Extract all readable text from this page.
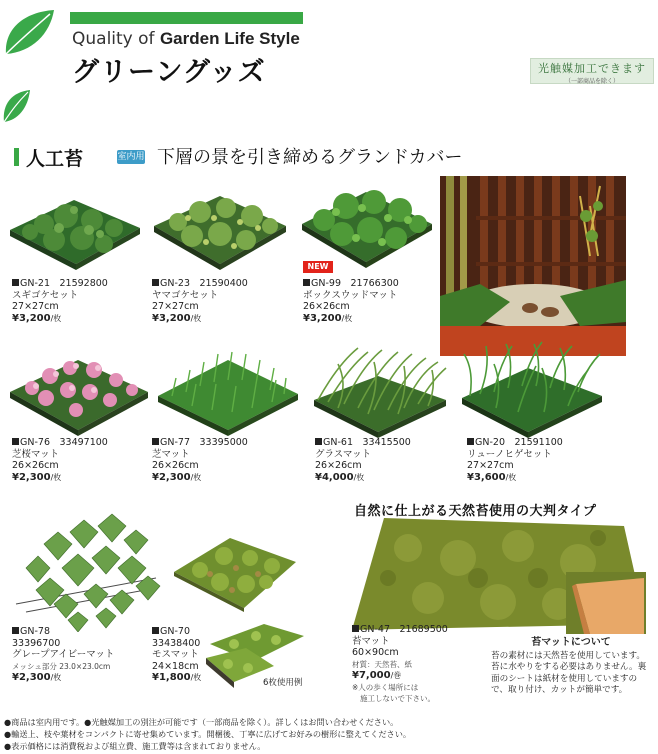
Quality of Garden Life Style
グリーングッズ	光触媒加工できます
（一部商品を除く）
人工苔	室内用 下層の景を引き締めるグランドカバー
6枚使用例
自然に仕上がる天然苔使用の大判タイプ
GN-21　 21592800
スギゴケセット
27×27cm
¥3,200/枚
GN-23　 21590400
ヤマゴケセット
27×27cm
¥3,200/枚
NEW
GN-99　 21766300
ボックスウッドマット
26×26cm
¥3,200/枚
GN-76　 33497100
芝桜マット
26×26cm
¥2,300/枚
GN-77　 33395000
芝マット
26×26cm
¥2,300/枚
GN-61　 33415500
グラスマット
26×26cm
¥4,000/枚
GN-20　 21591100
リューノヒゲセット
27×27cm
¥3,600/枚
GN-78
33396700
グレープアイビーマット
メッシュ部分 23.0×23.0cm
¥2,300/枚
GN-70
33438400
モスマット
24×18cm
¥1,800/枚
GN-47　 21689500
苔マット
60×90cm
材質：天然苔、紙
¥7,000/巻
※人の歩く場所には
施工しないで下さい。
苔マットについて
苔の素材には天然苔を使用しています。苔に水やりをする必要はありません。裏面のシートは紙材を使用していますので、取り付け、カットが簡単です。
●商品は室内用です。●光触媒加工の別注が可能です（一部商品を除く）。詳しくはお問い合わせください。
●輸送上、枝や葉材をコンパクトに寄せ集めています。開梱後、丁寧に広げてお好みの樹形に整えてください。
●表示価格には消費税および組立費、施工費等は含まれておりません。
